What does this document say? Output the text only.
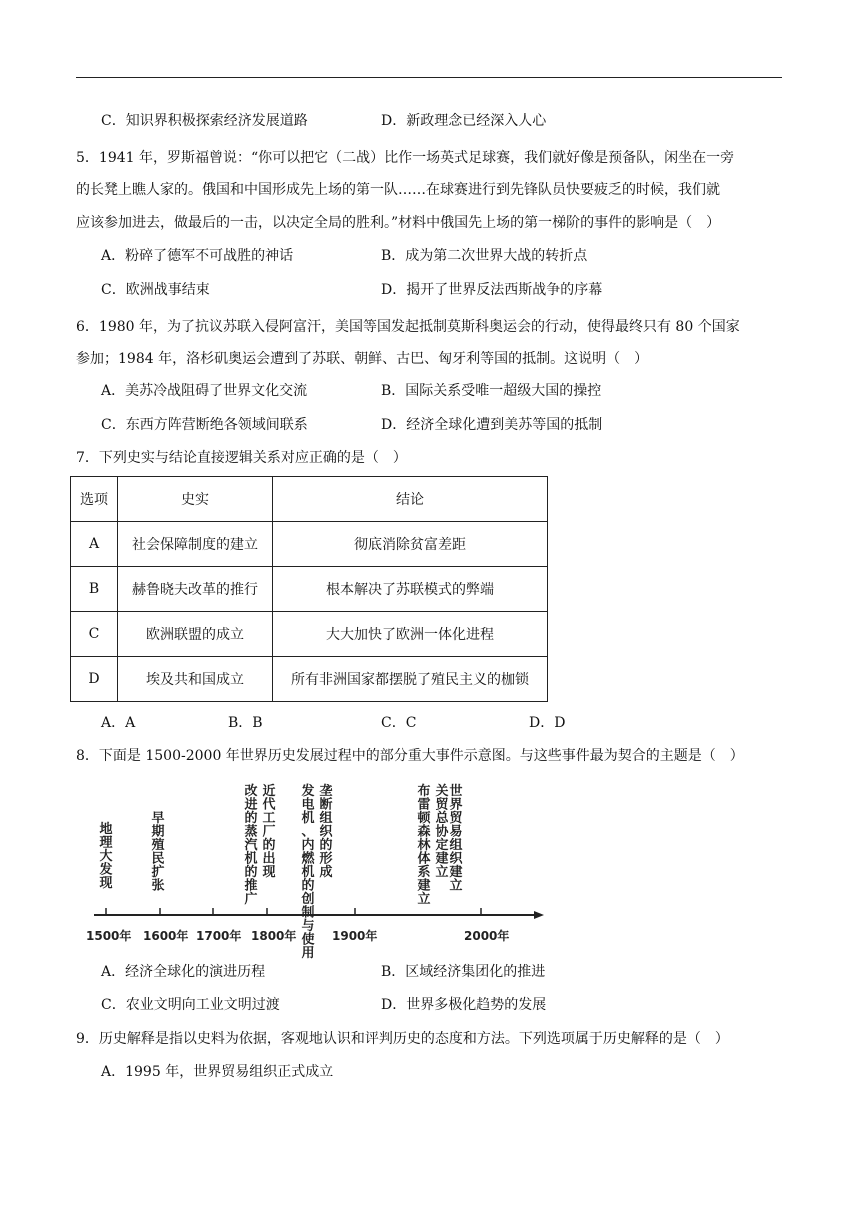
C．知识界积极探索经济发展道路	D．新政理念已经深入人心
5．1941 年，罗斯福曾说：“你可以把它（二战）比作一场英式足球赛，我们就好像是预备队，闲坐在一旁
的长凳上瞧人家的。俄国和中国形成先上场的第一队……在球赛进行到先锋队员快要疲乏的时候，我们就
应该参加进去，做最后的一击，以决定全局的胜利。”材料中俄国先上场的第一梯阶的事件的影响是（　）
A．粉碎了德军不可战胜的神话	B．成为第二次世界大战的转折点
C．欧洲战事结束	D．揭开了世界反法西斯战争的序幕
6．1980 年，为了抗议苏联入侵阿富汗，美国等国发起抵制莫斯科奥运会的行动，使得最终只有 80 个国家
参加；1984 年，洛杉矶奥运会遭到了苏联、朝鲜、古巴、匈牙利等国的抵制。这说明（　）
A．美苏冷战阻碍了世界文化交流	B．国际关系受唯一超级大国的操控
C．东西方阵营断绝各领域间联系	D．经济全球化遭到美苏等国的抵制
7．下列史实与结论直接逻辑关系对应正确的是（　）
选项	史实	结论
A	社会保障制度的建立	彻底消除贫富差距
B	赫鲁晓夫改革的推行	根本解决了苏联模式的弊端
C	欧洲联盟的成立	大大加快了欧洲一体化进程
D	埃及共和国成立	所有非洲国家都摆脱了殖民主义的枷锁
A．A	B．B	C．C	D．D
8．下面是 1500-2000 年世界历史发展过程中的部分重大事件示意图。与这些事件最为契合的主题是（　）
1500年 1600年 1700年 1800年	1900年	2000年
地理大发现
早期殖民扩张
改进的蒸汽机的推广
近代工厂的出现
发电机、内燃机的创制与使用
垄断组织的形成
布雷顿森林体系建立
关贸总协定建立
世界贸易组织建立
A．经济全球化的演进历程	B．区域经济集团化的推进
C．农业文明向工业文明过渡	D．世界多极化趋势的发展
9．历史解释是指以史料为依据，客观地认识和评判历史的态度和方法。下列选项属于历史解释的是（　）
A．1995 年，世界贸易组织正式成立
